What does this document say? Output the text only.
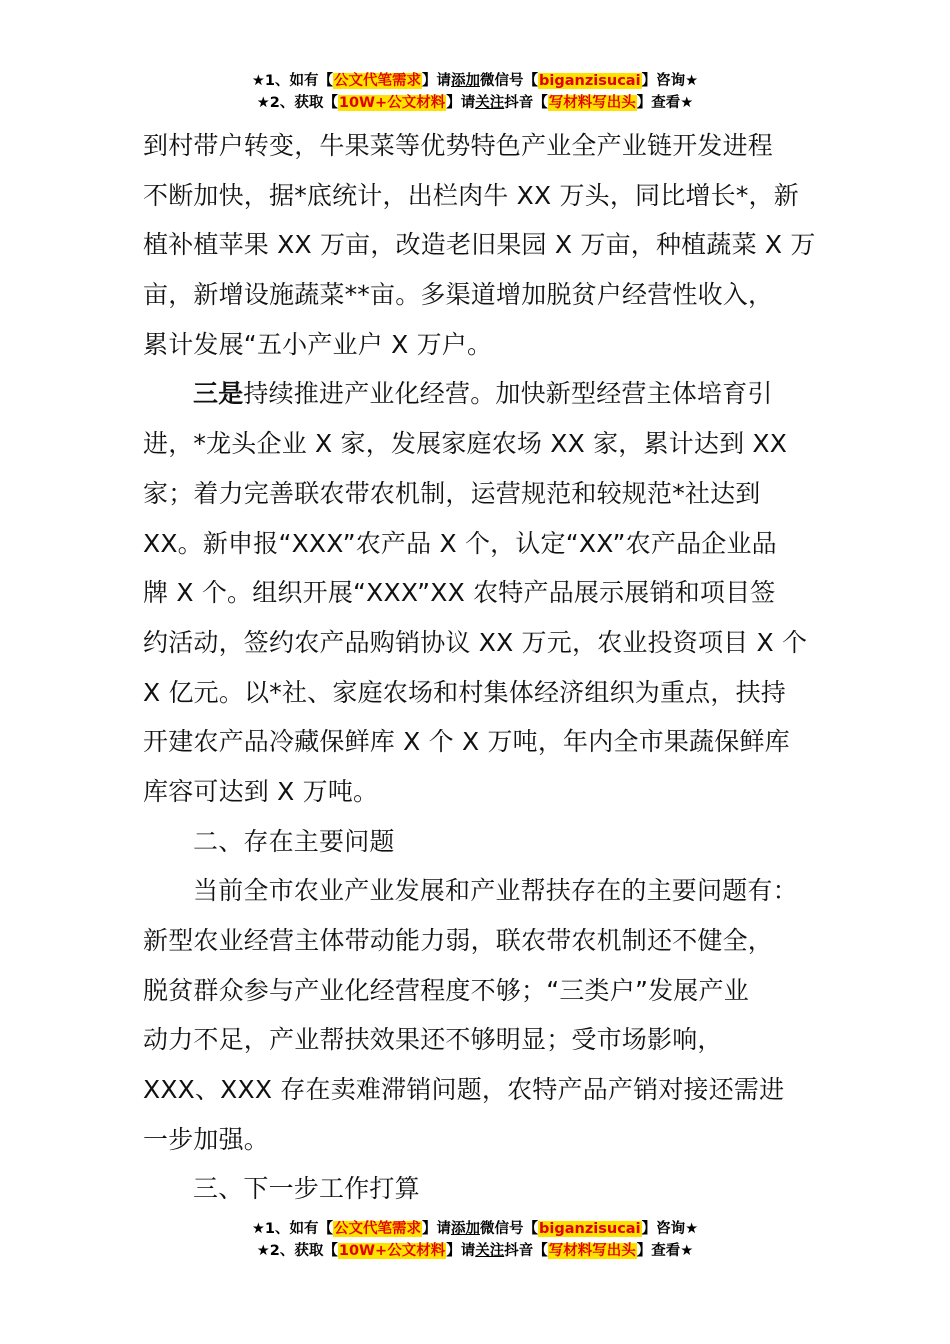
★1、如有【公文代笔需求】请添加微信号【biganzisucai】咨询★
★2、获取【10W+公文材料】请关注抖音【写材料写出头】查看★
到村带户转变，牛果菜等优势特色产业全产业链开发进程
不断加快，据*底统计，出栏肉牛 XX 万头，同比增长*，新
植补植苹果 XX 万亩，改造老旧果园 X 万亩，种植蔬菜 X 万
亩，新增设施蔬菜**亩。多渠道增加脱贫户经营性收入，
累计发展“五小产业户 X 万户。
三是持续推进产业化经营。加快新型经营主体培育引
进，*龙头企业 X 家，发展家庭农场 XX 家，累计达到 XX
家；着力完善联农带农机制，运营规范和较规范*社达到
XX。新申报“XXX”农产品 X 个，认定“XX”农产品企业品
牌 X 个。组织开展“XXX”XX 农特产品展示展销和项目签
约活动，签约农产品购销协议 XX 万元，农业投资项目 X 个
X 亿元。以*社、家庭农场和村集体经济组织为重点，扶持
开建农产品冷藏保鲜库 X 个 X 万吨，年内全市果蔬保鲜库
库容可达到 X 万吨。
二、存在主要问题
当前全市农业产业发展和产业帮扶存在的主要问题有：
新型农业经营主体带动能力弱，联农带农机制还不健全，
脱贫群众参与产业化经营程度不够；“三类户”发展产业
动力不足，产业帮扶效果还不够明显；受市场影响，
XXX、XXX 存在卖难滞销问题，农特产品产销对接还需进
一步加强。
三、下一步工作打算
★1、如有【公文代笔需求】请添加微信号【biganzisucai】咨询★
★2、获取【10W+公文材料】请关注抖音【写材料写出头】查看★
